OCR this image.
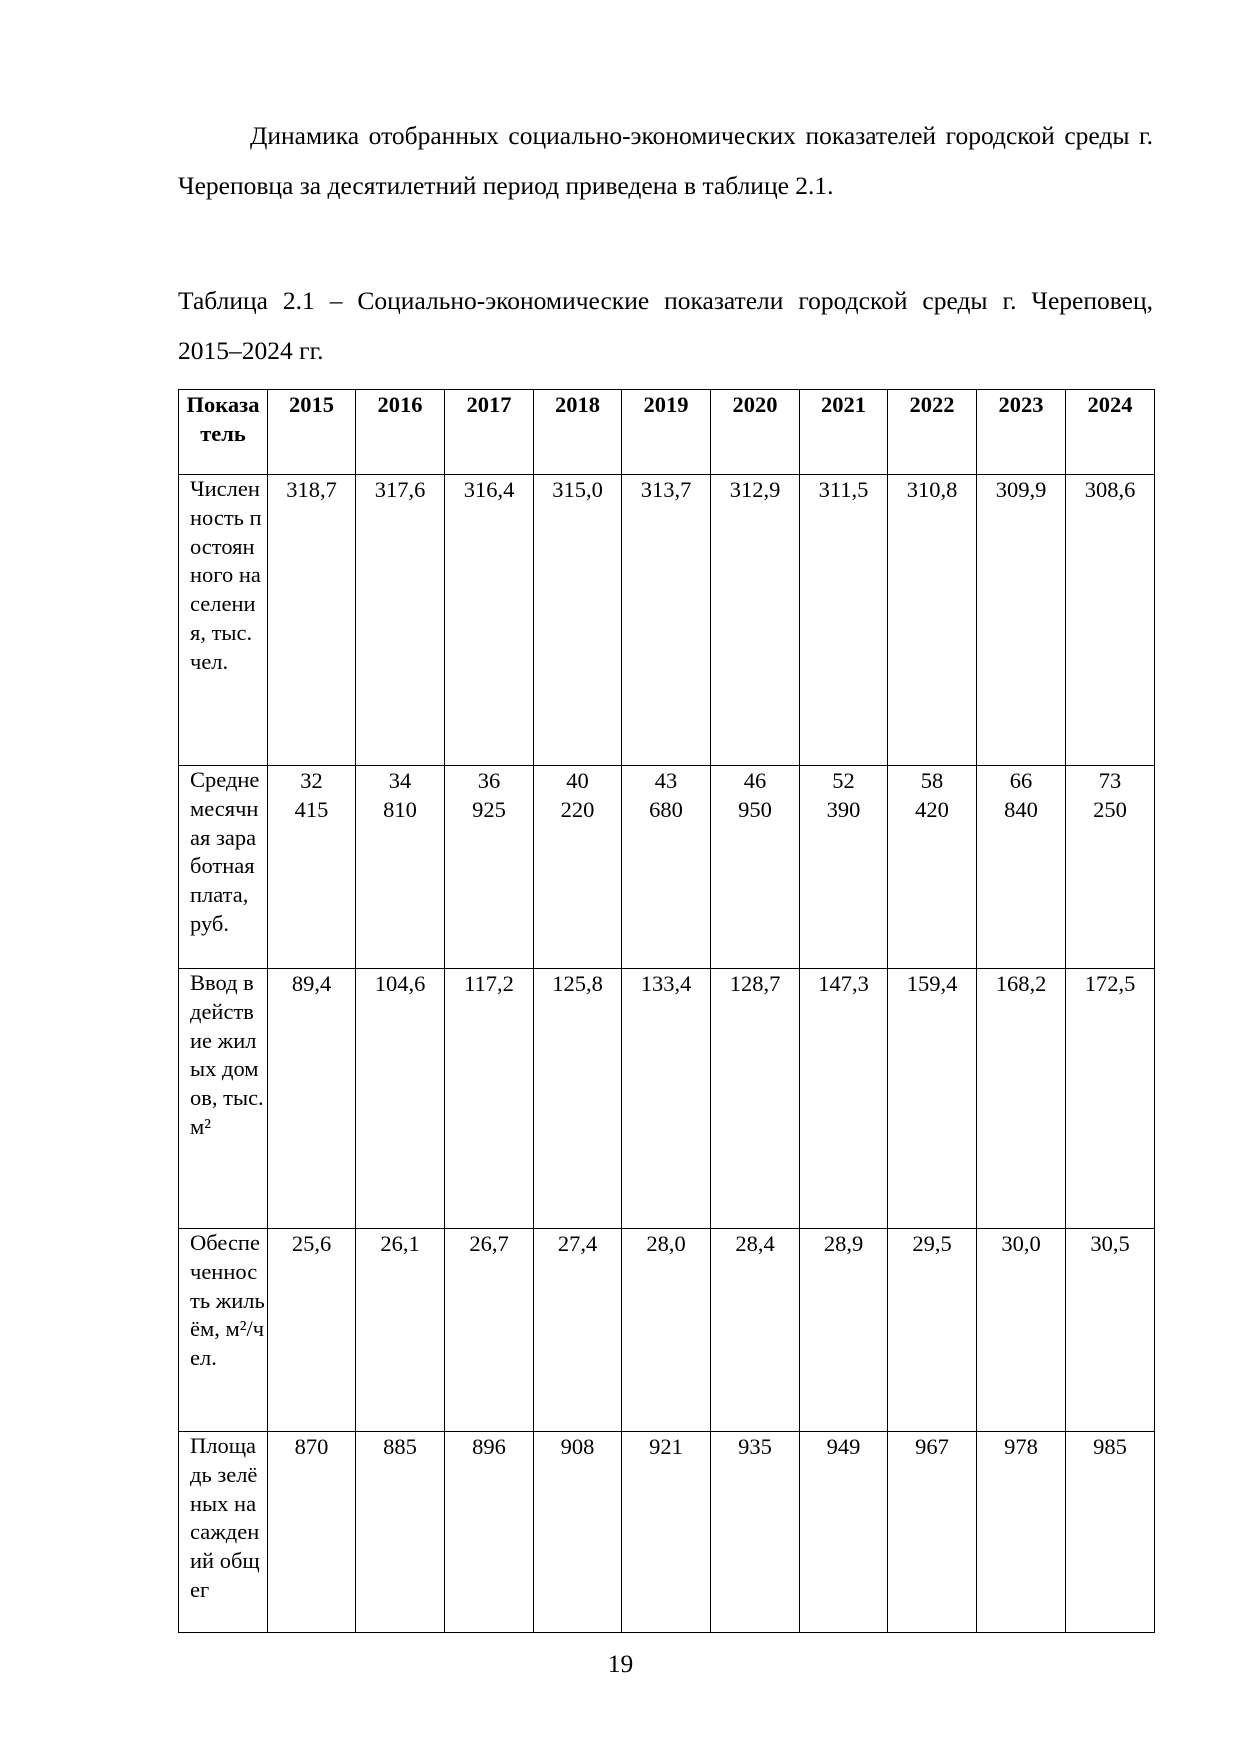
Динамика отобранных социально-экономических показателей городской среды г. Череповца за десятилетний период приведена в таблице 2.1.

Таблица 2.1 – Социально-экономические показатели городской среды г. Череповец, 2015–2024 гг.

Показатель	2015	2016	2017	2018	2019	2020	2021	2022	2023	2024

Численность постоянного населения, тыс. чел.	318,7	317,6	316,4	315,0	313,7	312,9	311,5	310,8	309,9	308,6

Среднемесячная заработная плата, руб.	32 415	34 810	36 925	40 220	43 680	46 950	52 390	58 420	66 840	73 250

Ввод в действие жилых домов, тыс. м²	89,4	104,6	117,2	125,8	133,4	128,7	147,3	159,4	168,2	172,5

Обеспеченность жильём, м²/чел.	25,6	26,1	26,7	27,4	28,0	28,4	28,9	29,5	30,0	30,5

Площадь зелёных насаждений общег	870	885	896	908	921	935	949	967	978	985
19
